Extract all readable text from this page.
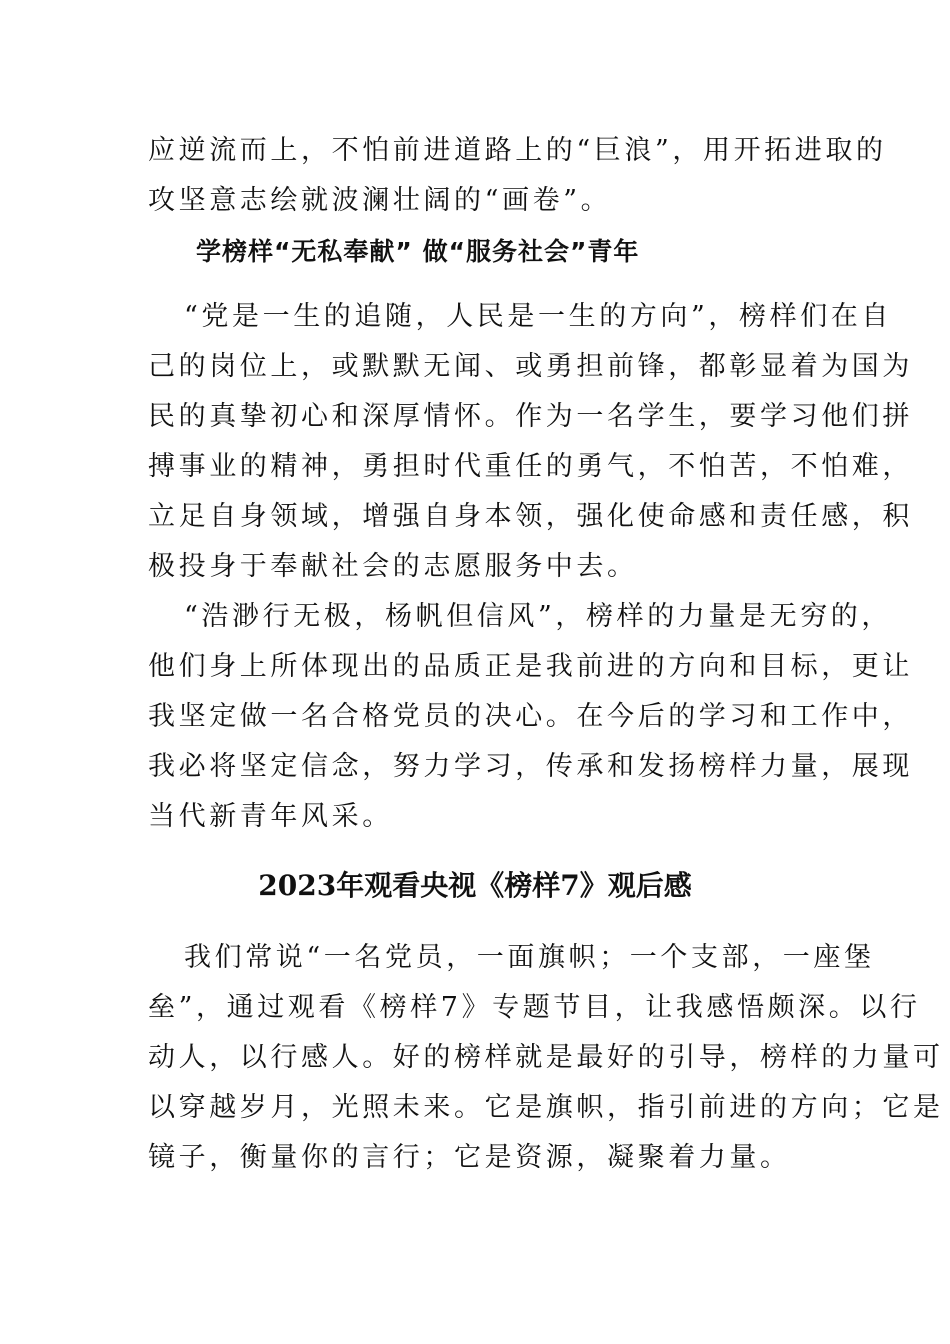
应逆流而上，不怕前进道路上的“巨浪”，用开拓进取的
攻坚意志绘就波澜壮阔的“画卷”。
学榜样“无私奉献” 做“服务社会”青年
“党是一生的追随，人民是一生的方向”，榜样们在自
己的岗位上，或默默无闻、或勇担前锋，都彰显着为国为
民的真挚初心和深厚情怀。作为一名学生，要学习他们拼
搏事业的精神，勇担时代重任的勇气，不怕苦，不怕难，
立足自身领域，增强自身本领，强化使命感和责任感，积
极投身于奉献社会的志愿服务中去。
“浩渺行无极，杨帆但信风”，榜样的力量是无穷的，
他们身上所体现出的品质正是我前进的方向和目标，更让
我坚定做一名合格党员的决心。在今后的学习和工作中，
我必将坚定信念，努力学习，传承和发扬榜样力量，展现
当代新青年风采。
2023年观看央视《榜样7》观后感
我们常说“一名党员，一面旗帜；一个支部，一座堡
垒”，通过观看《榜样7》专题节目，让我感悟颇深。以行
动人，以行感人。好的榜样就是最好的引导，榜样的力量可
以穿越岁月，光照未来。它是旗帜，指引前进的方向；它是
镜子，衡量你的言行；它是资源，凝聚着力量。
